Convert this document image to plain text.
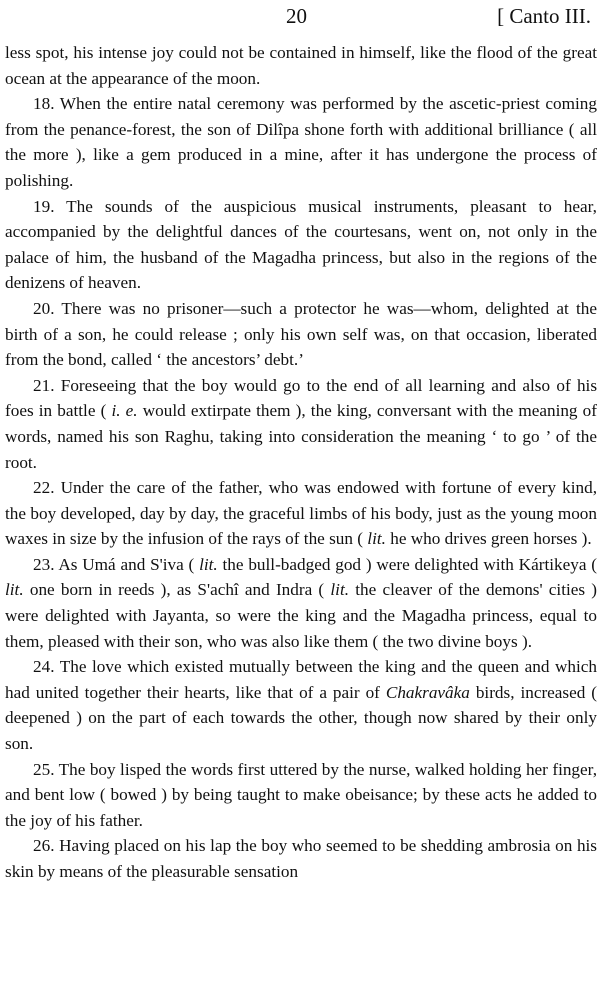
20	[ Canto III.

less spot, his intense joy could not be contained in himself, like the flood of the great ocean at the appearance of the moon.

18. When the entire natal ceremony was performed by the ascetic-priest coming from the penance-forest, the son of Dilîpa shone forth with additional brilliance ( all the more ), like a gem produced in a mine, after it has undergone the process of polishing.

19. The sounds of the auspicious musical instruments, pleasant to hear, accompanied by the delightful dances of the courtesans, went on, not only in the palace of him, the husband of the Magadha princess, but also in the regions of the denizens of heaven.

20. There was no prisoner—such a protector he was—whom, delighted at the birth of a son, he could release ; only his own self was, on that occasion, liberated from the bond, called ‘ the ancestors’ debt.’

21. Foreseeing that the boy would go to the end of all learning and also of his foes in battle ( i. e. would extirpate them ), the king, conversant with the meaning of words, named his son Raghu, taking into consideration the meaning ‘ to go ’ of the root.

22. Under the care of the father, who was endowed with fortune of every kind, the boy developed, day by day, the graceful limbs of his body, just as the young moon waxes in size by the infusion of the rays of the sun ( lit. he who drives green horses ).

23. As Umá and S'iva ( lit. the bull-badged god ) were delighted with Kártikeya ( lit. one born in reeds ), as S'achî and Indra ( lit. the cleaver of the demons' cities ) were delighted with Jayanta, so were the king and the Magadha princess, equal to them, pleased with their son, who was also like them ( the two divine boys ).

24. The love which existed mutually between the king and the queen and which had united together their hearts, like that of a pair of Chakravâka birds, increased ( deepened ) on the part of each towards the other, though now shared by their only son.

25. The boy lisped the words first uttered by the nurse, walked holding her finger, and bent low ( bowed ) by being taught to make obeisance; by these acts he added to the joy of his father.

26. Having placed on his lap the boy who seemed to be shedding ambrosia on his skin by means of the pleasurable sensation
